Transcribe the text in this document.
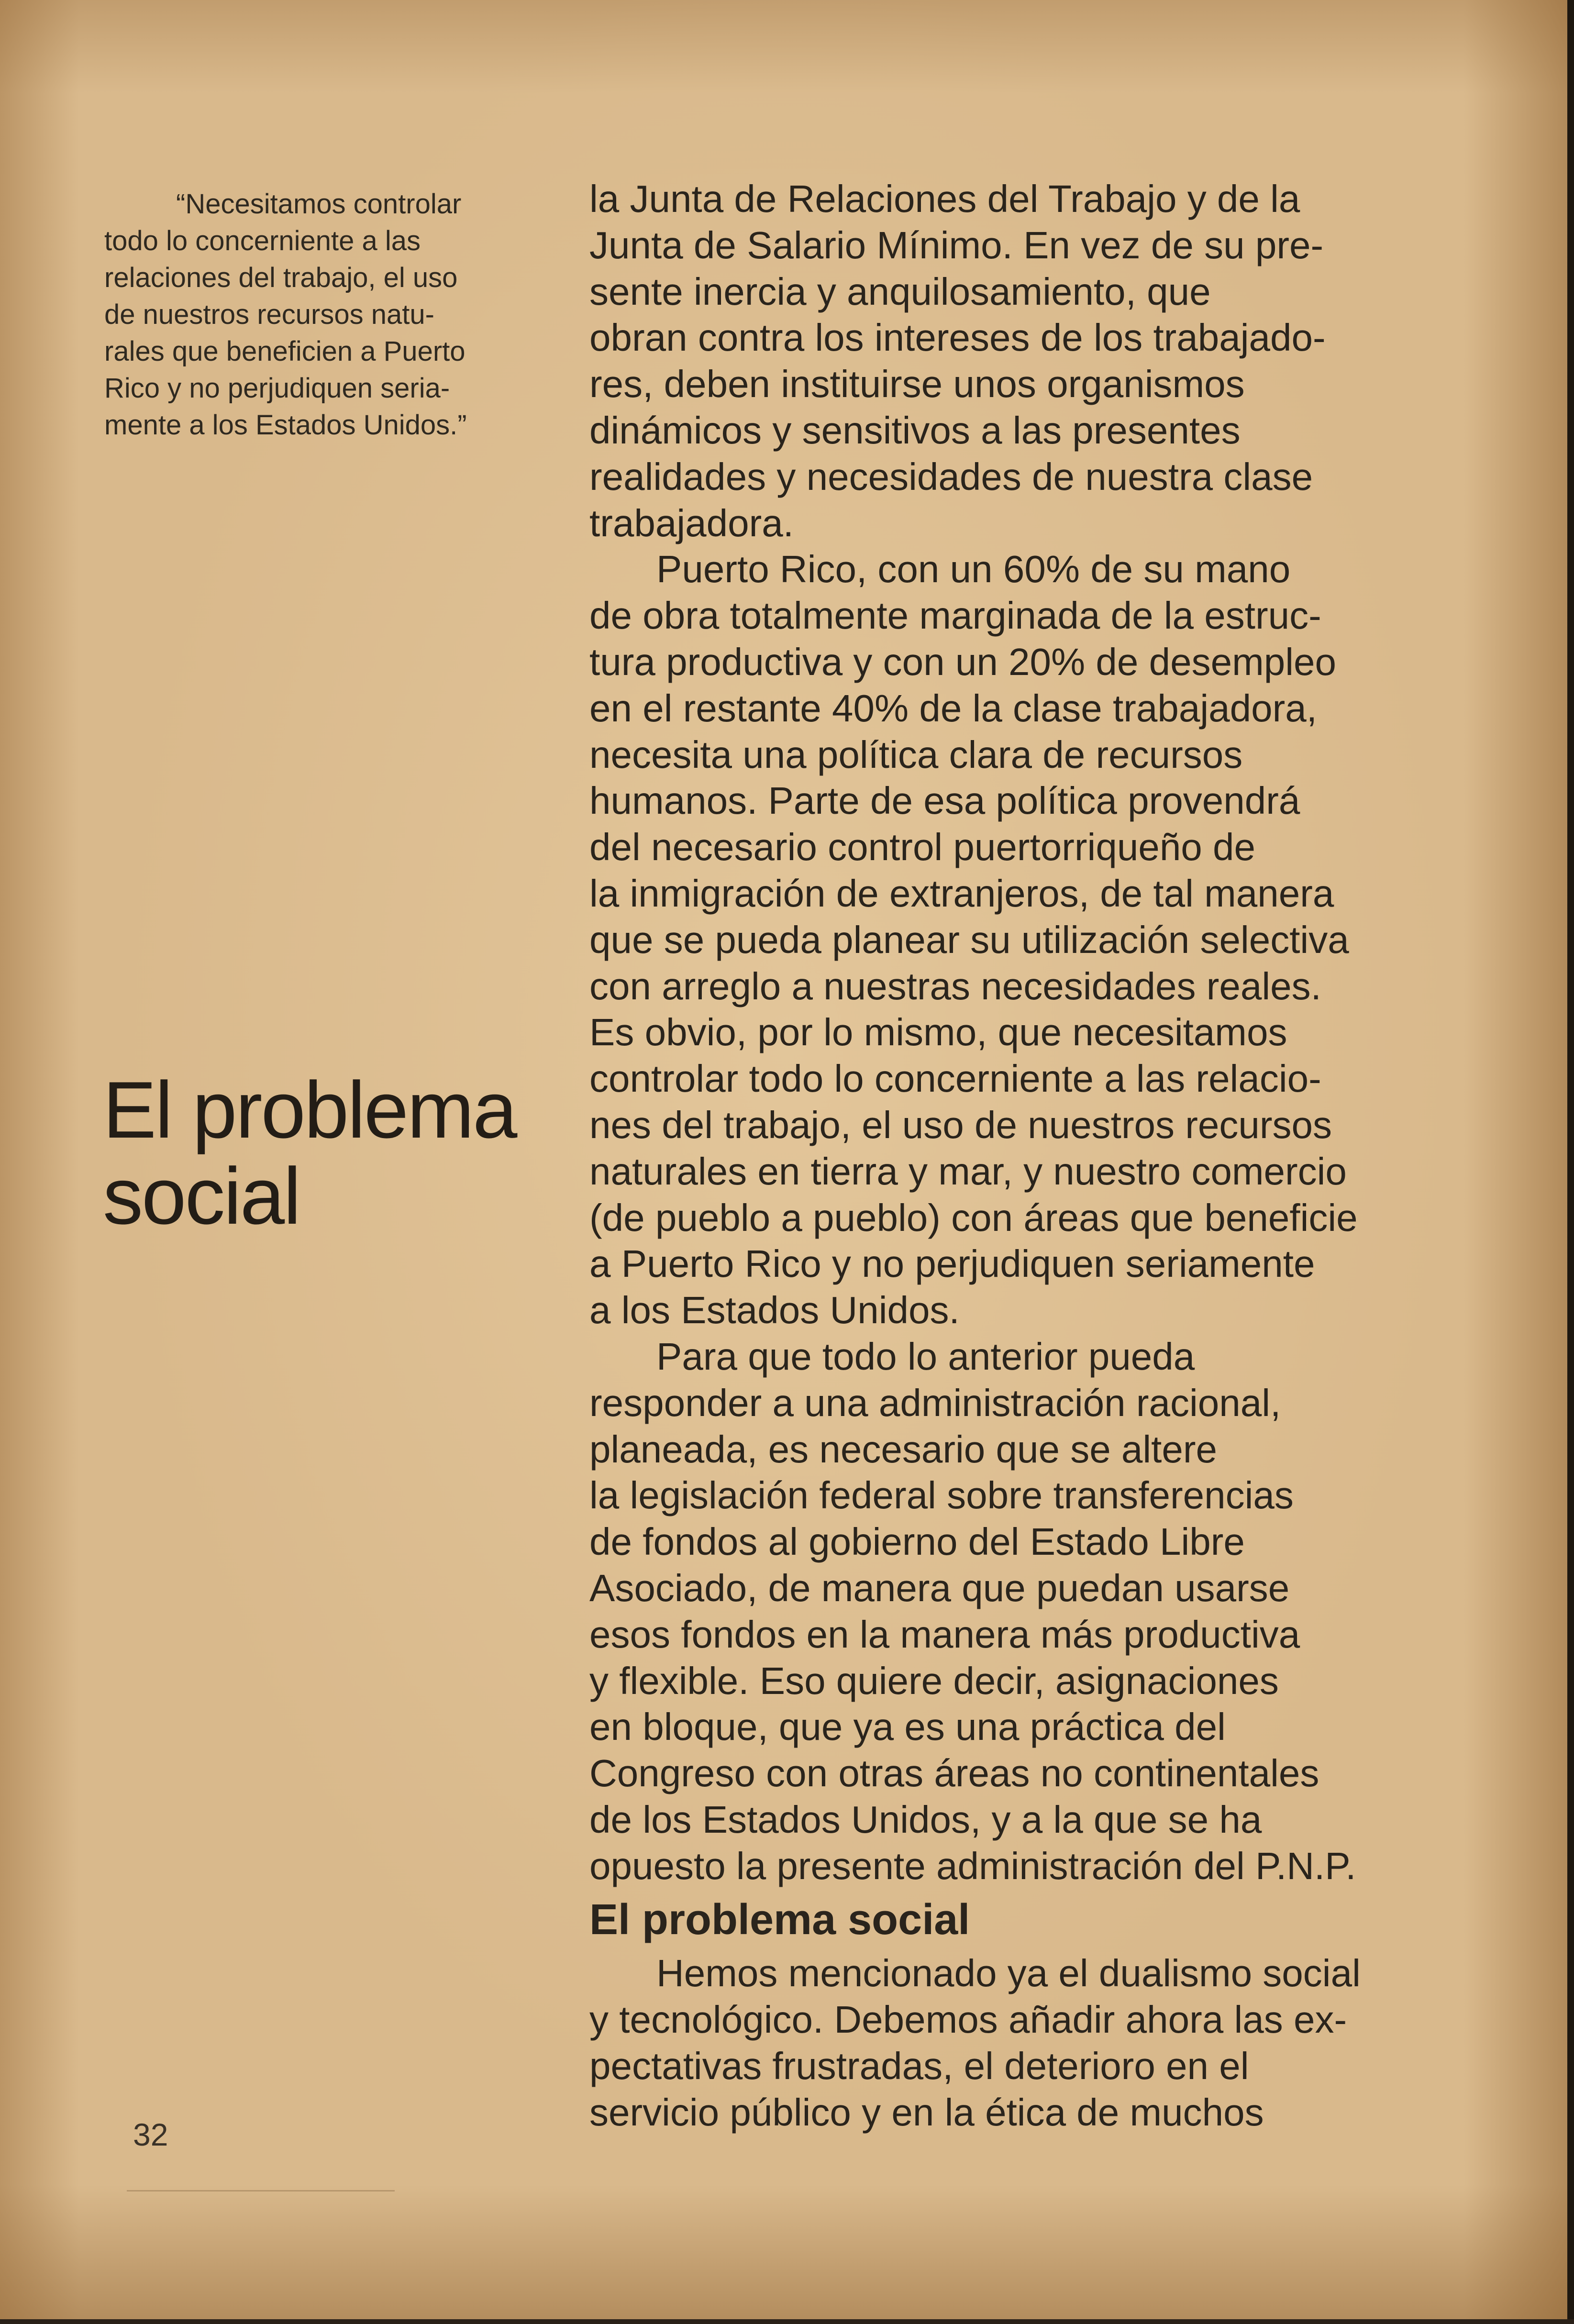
“Necesitamos controlar
todo lo concerniente a las
relaciones del trabajo, el uso
de nuestros recursos natu-
rales que beneficien a Puerto
Rico y no perjudiquen seria-
mente a los Estados Unidos.”
El problema
social
la Junta de Relaciones del Trabajo y de la
Junta de Salario Mínimo. En vez de su pre-
sente inercia y anquilosamiento, que
obran contra los intereses de los trabajado-
res, deben instituirse unos organismos
dinámicos y sensitivos a las presentes
realidades y necesidades de nuestra clase
trabajadora.
Puerto Rico, con un 60% de su mano
de obra totalmente marginada de la estruc-
tura productiva y con un 20% de desempleo
en el restante 40% de la clase trabajadora,
necesita una política clara de recursos
humanos. Parte de esa política provendrá
del necesario control puertorriqueño de
la inmigración de extranjeros, de tal manera
que se pueda planear su utilización selectiva
con arreglo a nuestras necesidades reales.
Es obvio, por lo mismo, que necesitamos
controlar todo lo concerniente a las relacio-
nes del trabajo, el uso de nuestros recursos
naturales en tierra y mar, y nuestro comercio
(de pueblo a pueblo) con áreas que beneficie
a Puerto Rico y no perjudiquen seriamente
a los Estados Unidos.
Para que todo lo anterior pueda
responder a una administración racional,
planeada, es necesario que se altere
la legislación federal sobre transferencias
de fondos al gobierno del Estado Libre
Asociado, de manera que puedan usarse
esos fondos en la manera más productiva
y flexible. Eso quiere decir, asignaciones
en bloque, que ya es una práctica del
Congreso con otras áreas no continentales
de los Estados Unidos, y a la que se ha
opuesto la presente administración del P.N.P.
El problema social
Hemos mencionado ya el dualismo social
y tecnológico. Debemos añadir ahora las ex-
pectativas frustradas, el deterioro en el
servicio público y en la ética de muchos
32
